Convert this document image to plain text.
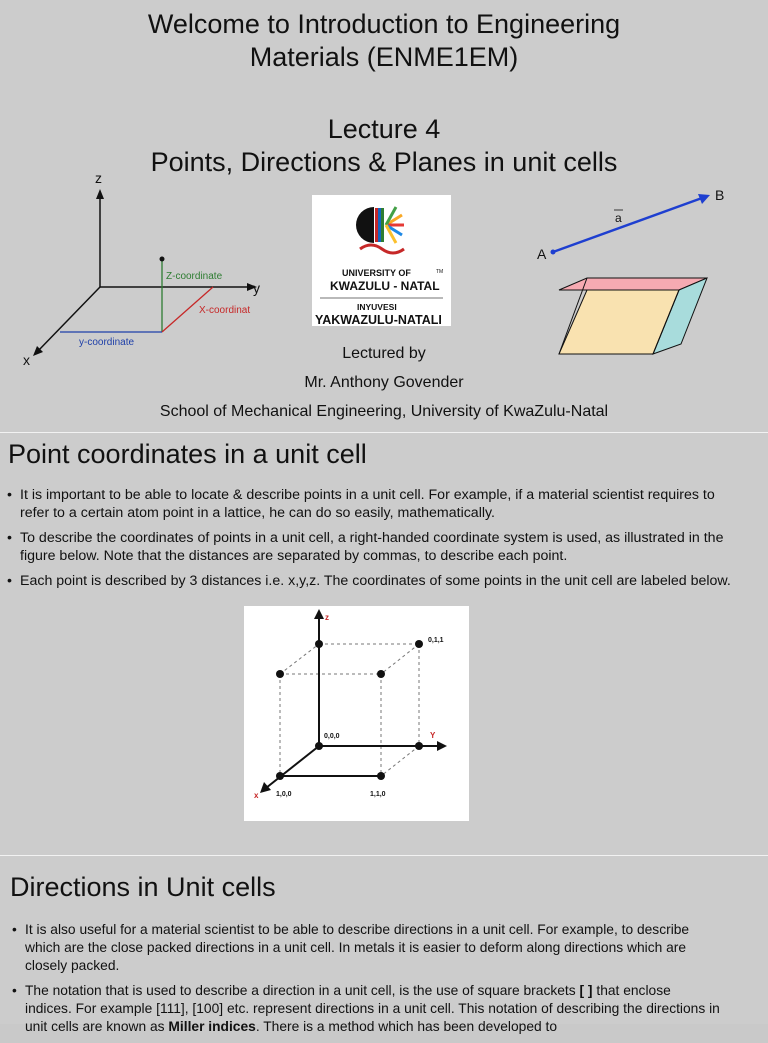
Welcome to Introduction to Engineering
Materials (ENME1EM)
Lecture 4
Points, Directions & Planes in unit cells
z
y
x
Z-coordinate
X-coordinat
y-coordinate
UNIVERSITY OF	TM
KWAZULU - NATAL
INYUVESI
YAKWAZULU-NATALI
A
B
a
Lectured by
Mr. Anthony Govender
School of Mechanical Engineering, University of KwaZulu-Natal
Point coordinates in a unit cell
• It is important to be able to locate & describe points in a unit cell. For example, if a material scientist requires to refer to a certain atom point in a lattice, he can do so easily, mathematically.
• To describe the coordinates of points in a unit cell, a right-handed coordinate system is used, as illustrated in the figure below. Note that the distances are separated by commas, to describe each point.
• Each point is described by 3 distances i.e. x,y,z. The coordinates of some points in the unit cell are labeled below.
z
Y
x
0,1,1
0,0,0
1,0,0	1,1,0
Directions in Unit cells
• It is also useful for a material scientist to be able to describe directions in a unit cell. For example, to describe which are the close packed directions in a unit cell. In metals it is easier to deform along directions which are closely packed.
• The notation that is used to describe a direction in a unit cell, is the use of square brackets [ ] that enclose indices. For example [111], [100] etc. represent directions in a unit cell. This notation of describing the directions in unit cells are known as Miller indices. There is a method which has been developed to
